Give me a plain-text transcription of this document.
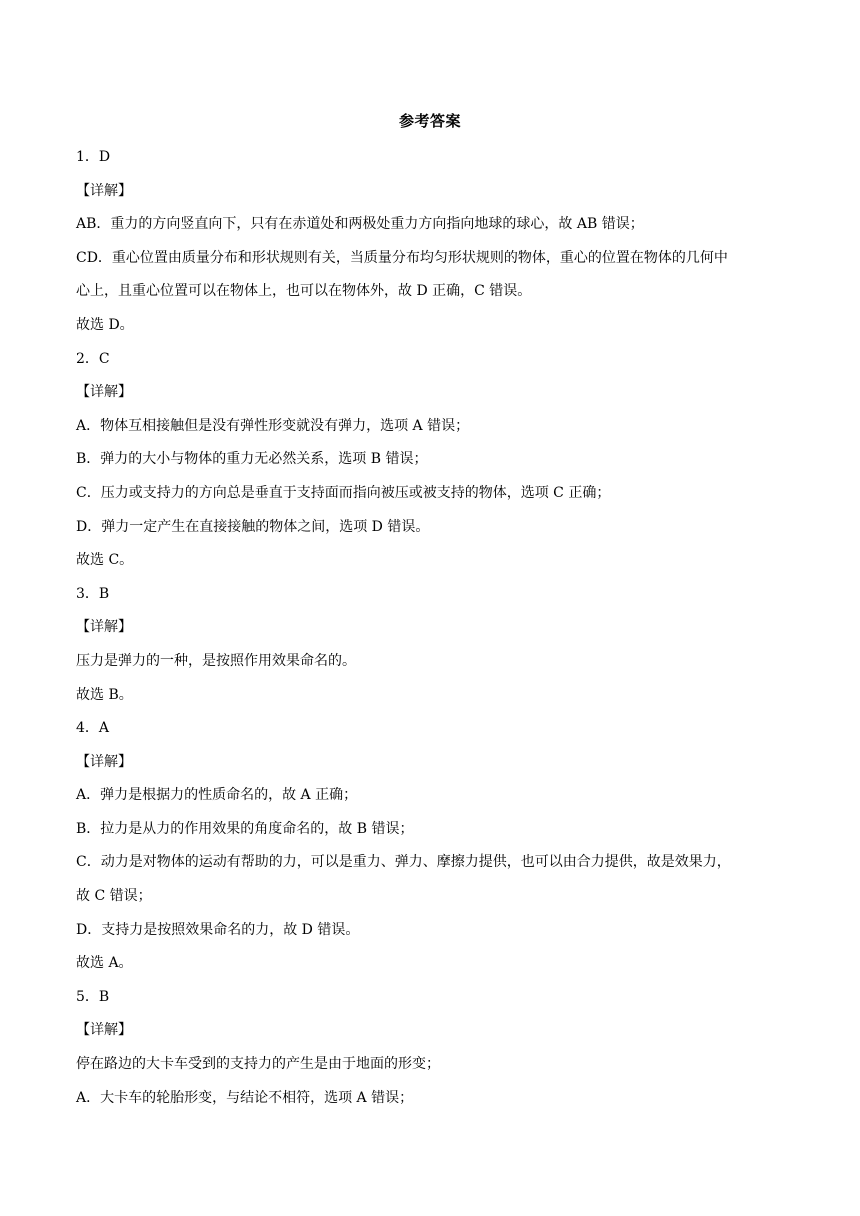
参考答案
1．D
【详解】
AB．重力的方向竖直向下，只有在赤道处和两极处重力方向指向地球的球心，故 AB 错误；
CD．重心位置由质量分布和形状规则有关，当质量分布均匀形状规则的物体，重心的位置在物体的几何中
心上，且重心位置可以在物体上，也可以在物体外，故 D 正确，C 错误。
故选 D。
2．C
【详解】
A．物体互相接触但是没有弹性形变就没有弹力，选项 A 错误；
B．弹力的大小与物体的重力无必然关系，选项 B 错误；
C．压力或支持力的方向总是垂直于支持面而指向被压或被支持的物体，选项 C 正确；
D．弹力一定产生在直接接触的物体之间，选项 D 错误。
故选 C。
3．B
【详解】
压力是弹力的一种，是按照作用效果命名的。
故选 B。
4．A
【详解】
A．弹力是根据力的性质命名的，故 A 正确；
B．拉力是从力的作用效果的角度命名的，故 B 错误；
C．动力是对物体的运动有帮助的力，可以是重力、弹力、摩擦力提供，也可以由合力提供，故是效果力，
故 C 错误；
D．支持力是按照效果命名的力，故 D 错误。
故选 A。
5．B
【详解】
停在路边的大卡车受到的支持力的产生是由于地面的形变；
A．大卡车的轮胎形变，与结论不相符，选项 A 错误；
